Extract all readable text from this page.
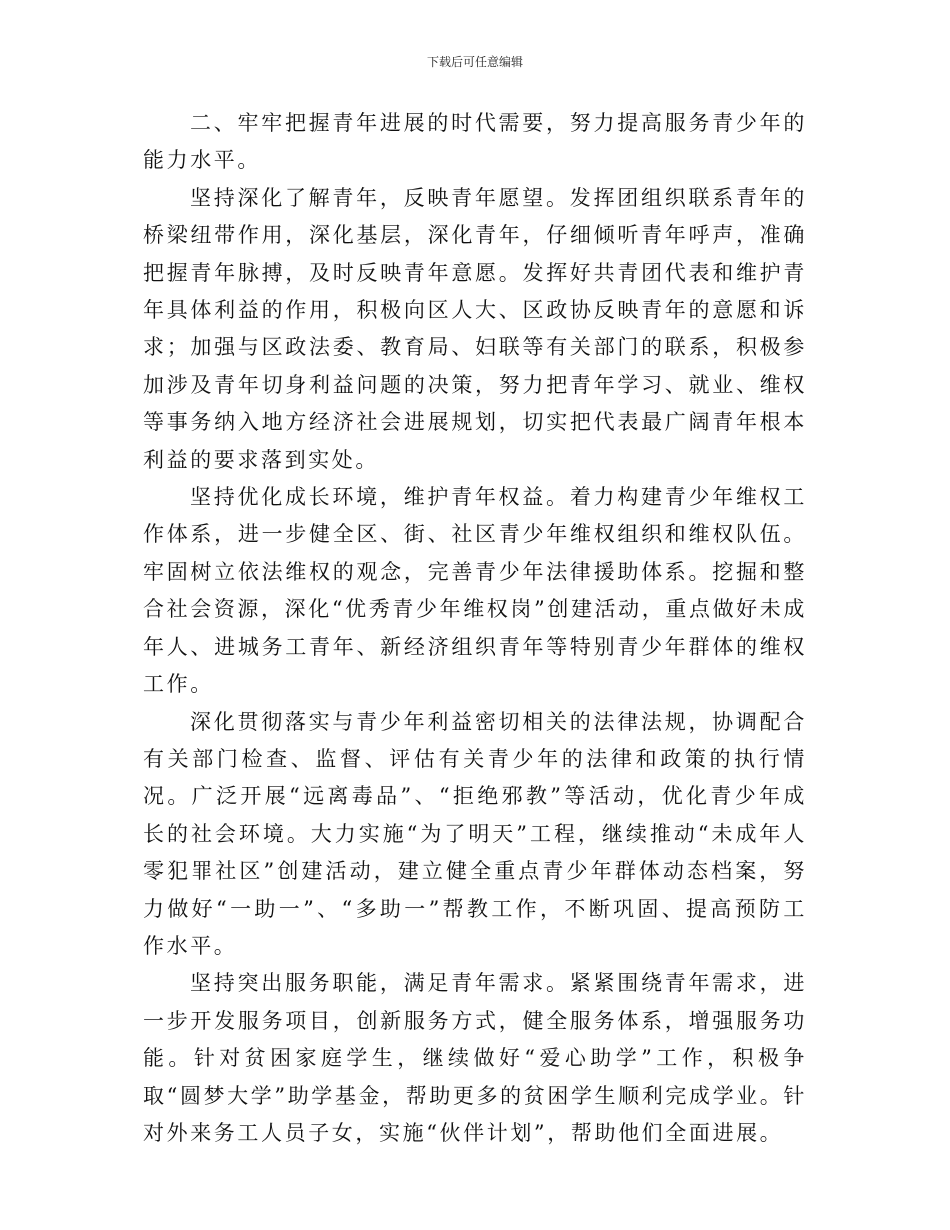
下载后可任意编辑

二、牢牢把握青年进展的时代需要，努力提高服务青少年的能力水平。

坚持深化了解青年，反映青年愿望。发挥团组织联系青年的桥梁纽带作用，深化基层，深化青年，仔细倾听青年呼声，准确把握青年脉搏，及时反映青年意愿。发挥好共青团代表和维护青年具体利益的作用，积极向区人大、区政协反映青年的意愿和诉求；加强与区政法委、教育局、妇联等有关部门的联系，积极参加涉及青年切身利益问题的决策，努力把青年学习、就业、维权等事务纳入地方经济社会进展规划，切实把代表最广阔青年根本利益的要求落到实处。

坚持优化成长环境，维护青年权益。着力构建青少年维权工作体系，进一步健全区、街、社区青少年维权组织和维权队伍。牢固树立依法维权的观念，完善青少年法律援助体系。挖掘和整合社会资源，深化“优秀青少年维权岗”创建活动，重点做好未成年人、进城务工青年、新经济组织青年等特别青少年群体的维权工作。

深化贯彻落实与青少年利益密切相关的法律法规，协调配合有关部门检查、监督、评估有关青少年的法律和政策的执行情况。广泛开展“远离毒品”、“拒绝邪教”等活动，优化青少年成长的社会环境。大力实施“为了明天”工程，继续推动“未成年人零犯罪社区”创建活动，建立健全重点青少年群体动态档案，努力做好“一助一”、“多助一”帮教工作，不断巩固、提高预防工作水平。

坚持突出服务职能，满足青年需求。紧紧围绕青年需求，进一步开发服务项目，创新服务方式，健全服务体系，增强服务功能。针对贫困家庭学生，继续做好“爱心助学”工作，积极争取“圆梦大学”助学基金，帮助更多的贫困学生顺利完成学业。针对外来务工人员子女，实施“伙伴计划”，帮助他们全面进展。
